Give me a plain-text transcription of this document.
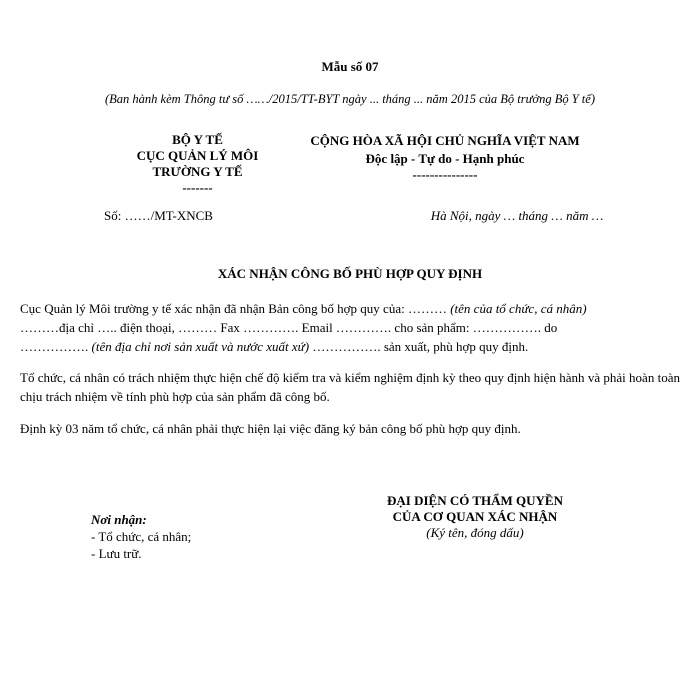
Mẫu số 07
(Ban hành kèm Thông tư số ……/2015/TT-BYT ngày ... tháng ... năm 2015 của Bộ trưởng Bộ Y tế)
BỘ Y TẾ
CỤC QUẢN LÝ MÔI
TRƯỜNG Y TẾ
-------
CỘNG HÒA XÃ HỘI CHỦ NGHĨA VIỆT NAM
Độc lập - Tự do - Hạnh phúc
---------------
Số: ……/MT-XNCB	Hà Nội, ngày … tháng … năm …
XÁC NHẬN CÔNG BỐ PHÙ HỢP QUY ĐỊNH
Cục Quản lý Môi trường y tế xác nhận đã nhận Bản công bố hợp quy của: ……… (tên của tổ chức, cá nhân)
………địa chỉ ….. điện thoại, ……… Fax …………. Email …………. cho sản phẩm: ……………. do
……………. (tên địa chỉ nơi sản xuất và nước xuất xứ) ……………. sản xuất, phù hợp quy định.
Tổ chức, cá nhân có trách nhiệm thực hiện chế độ kiểm tra và kiểm nghiệm định kỳ theo quy định hiện hành và phải hoàn toàn chịu trách nhiệm về tính phù hợp của sản phẩm đã công bố.
Định kỳ 03 năm tổ chức, cá nhân phải thực hiện lại việc đăng ký bản công bố phù hợp quy định.
ĐẠI DIỆN CÓ THẨM QUYỀN
CỦA CƠ QUAN XÁC NHẬN
(Ký tên, đóng dấu)
Nơi nhận:
- Tổ chức, cá nhân;
- Lưu trữ.
